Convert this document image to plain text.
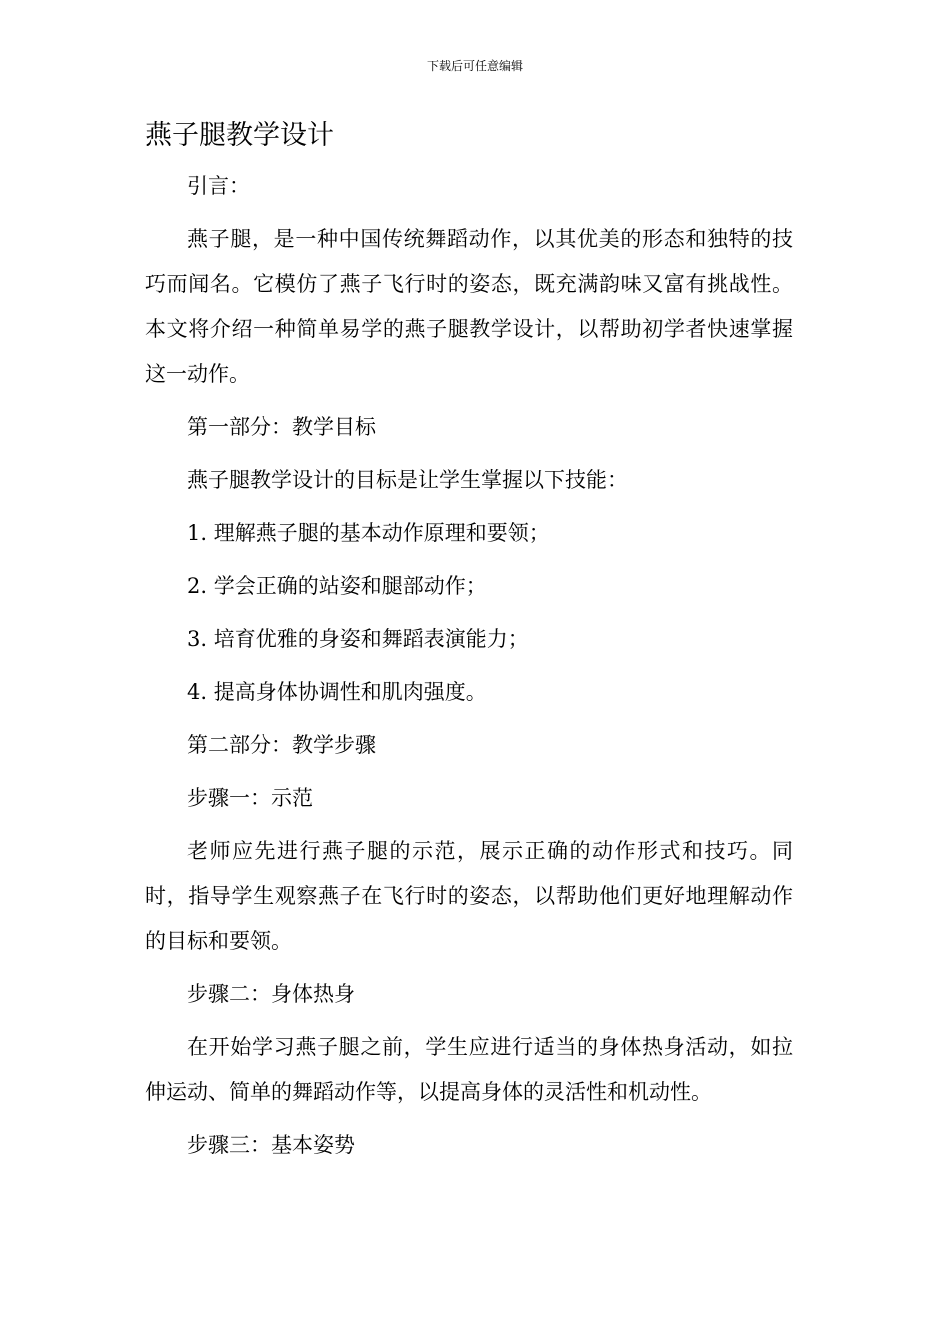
下载后可任意编辑
燕子腿教学设计

引言：

燕子腿，是一种中国传统舞蹈动作，以其优美的形态和独特的技巧而闻名。它模仿了燕子飞行时的姿态，既充满韵味又富有挑战性。本文将介绍一种简单易学的燕子腿教学设计，以帮助初学者快速掌握这一动作。

第一部分：教学目标

燕子腿教学设计的目标是让学生掌握以下技能：

1. 理解燕子腿的基本动作原理和要领；

2. 学会正确的站姿和腿部动作；

3. 培育优雅的身姿和舞蹈表演能力；

4. 提高身体协调性和肌肉强度。

第二部分：教学步骤

步骤一：示范

老师应先进行燕子腿的示范，展示正确的动作形式和技巧。同时，指导学生观察燕子在飞行时的姿态，以帮助他们更好地理解动作的目标和要领。

步骤二：身体热身

在开始学习燕子腿之前，学生应进行适当的身体热身活动，如拉伸运动、简单的舞蹈动作等，以提高身体的灵活性和机动性。

步骤三：基本姿势
